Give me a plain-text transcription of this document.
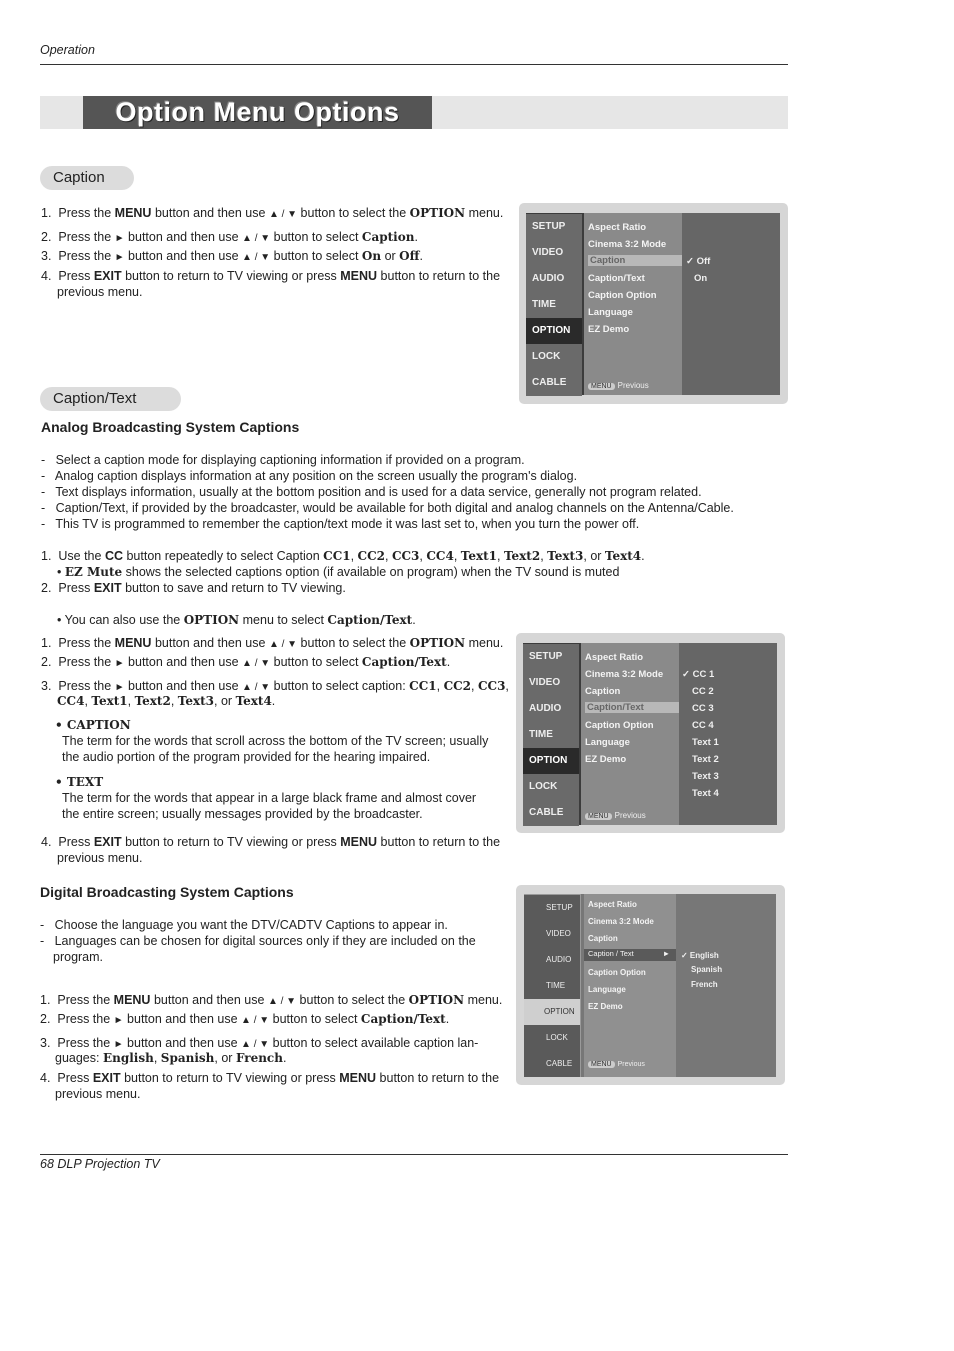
Operation
Option Menu Options
Caption
1.  Press the MENU button and then use ▲ / ▼ button to select the OPTION menu.
2.  Press the ► button and then use ▲ / ▼ button to select Caption.
3.  Press the ► button and then use ▲ / ▼ button to select On or Off.
4.  Press EXIT button to return to TV viewing or press MENU button to return to the
previous menu.
SETUP
VIDEO
AUDIO
TIME
OPTION
LOCK
CABLE
Aspect Ratio
Cinema 3:2 Mode
Caption
Caption/Text
Caption Option
Language
EZ Demo
MENU Previous
✓ Off
On
Caption/Text
Analog Broadcasting System Captions
-   Select a caption mode for displaying captioning information if provided on a program.
-   Analog caption displays information at any position on the screen usually the program's dialog.
-   Text displays information, usually at the bottom position and is used for a data service, generally not program related.
-   Caption/Text, if provided by the broadcaster, would be available for both digital and analog channels on the Antenna/Cable.
-   This TV is programmed to remember the caption/text mode it was last set to, when you turn the power off.
1.  Use the CC button repeatedly to select Caption CC1, CC2, CC3, CC4, Text1, Text2, Text3, or Text4.
• EZ Mute shows the selected captions option (if available on program) when the TV sound is muted
2.  Press EXIT button to save and return to TV viewing.
• You can also use the OPTION menu to select Caption/Text.
1.  Press the MENU button and then use ▲ / ▼ button to select the OPTION menu.
2.  Press the ► button and then use ▲ / ▼ button to select Caption/Text.
3.  Press the ► button and then use ▲ / ▼ button to select caption: CC1, CC2, CC3,
CC4, Text1, Text2, Text3, or Text4.
• CAPTION
The term for the words that scroll across the bottom of the TV screen; usually
the audio portion of the program provided for the hearing impaired.
• TEXT
The term for the words that appear in a large black frame and almost cover
the entire screen; usually messages provided by the broadcaster.
4.  Press EXIT button to return to TV viewing or press MENU button to return to the
previous menu.
SETUP
VIDEO
AUDIO
TIME
OPTION
LOCK
CABLE
Aspect Ratio
Cinema 3:2 Mode
Caption
Caption/Text
Caption Option
Language
EZ Demo
MENU Previous
✓ CC 1
CC 2
CC 3
CC 4
Text 1
Text 2
Text 3
Text 4
Digital Broadcasting System Captions
-   Choose the language you want the DTV/CADTV Captions to appear in.
-   Languages can be chosen for digital sources only if they are included on the
program.
1.  Press the MENU button and then use ▲ / ▼ button to select the OPTION menu.
2.  Press the ► button and then use ▲ / ▼ button to select Caption/Text.
3.  Press the ► button and then use ▲ / ▼ button to select available caption lan-
guages: English, Spanish, or French.
4.  Press EXIT button to return to TV viewing or press MENU button to return to the
previous menu.
SETUP
VIDEO
AUDIO
TIME
OPTION
LOCK
CABLE
Aspect Ratio
Cinema 3:2 Mode
Caption
Caption / Text	►
Caption Option
Language
EZ Demo
MENU Previous
✓ English
Spanish
French
68 DLP Projection TV
